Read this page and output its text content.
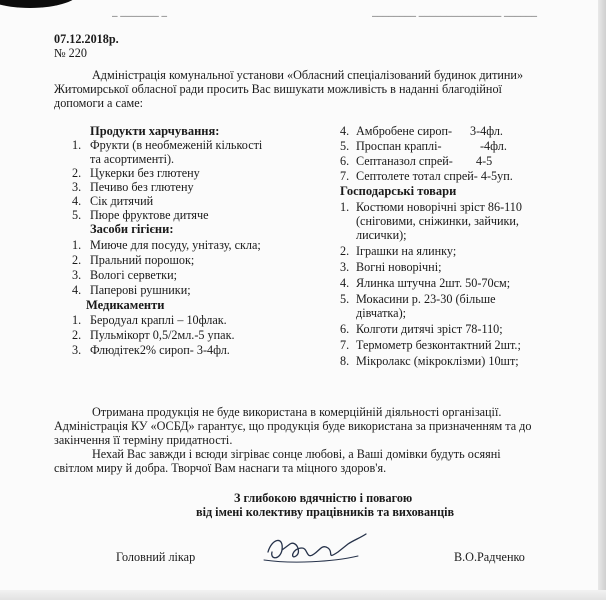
_ _______ _	________ _______________ ______
07.12.2018р.
№ 220
Адміністрація комунальної установи «Обласний спеціалізований будинок дитини»
Житомирської обласної ради просить Вас вишукати можливість в наданні благодійної
допомоги а саме:
Продукти харчування:
1. Фрукти (в необмеженій кількості
та асортименті).
2. Цукерки без глютену
3. Печиво без глютену
4. Сік дитячий
5. Пюре фруктове дитяче
Засоби гігієни:
1. Миюче для посуду, унітазу, скла;
2. Пральний порошок;
3. Вологі серветки;
4. Паперові рушники;
Медикаменти
1. Беродуал краплі – 10флак.
2. Пульмікорт 0,5/2мл.-5 упак.
3. Флюдітек2% сироп- 3-4фл.
4. Амбробене сироп- 3-4фл.
5. Проспан краплі-	-4фл.
6. Септаназол спрей- 4-5
7. Септолете тотал спрей- 4-5уп.
Господарські товари
1. Костюми новорічні зріст 86-110
(сніговими, сніжинки, зайчики,
лисички);
2. Іграшки на ялинку;
3. Вогні новорічні;
4. Ялинка штучна 2шт. 50-70см;
5. Мокасини р. 23-30 (більше
дівчатка);
6. Колготи дитячі зріст 78-110;
7. Термометр безконтактний 2шт.;
8. Мікролакс (мікроклізми) 10шт;
Отримана продукція не буде використана в комерційній діяльності організації.
Адміністрація КУ «ОСБД» гарантує, що продукція буде використана за призначенням та до
закінчення її терміну придатності.
Нехай Вас завжди і всюди зігріває сонце любові, а Ваші домівки будуть осяяні
світлом миру й добра. Творчої Вам наснаги та міцного здоров'я.
З глибокою вдячністю і повагою
від імені колективу працівників та вихованців
Головний лікар	В.О.Радченко
